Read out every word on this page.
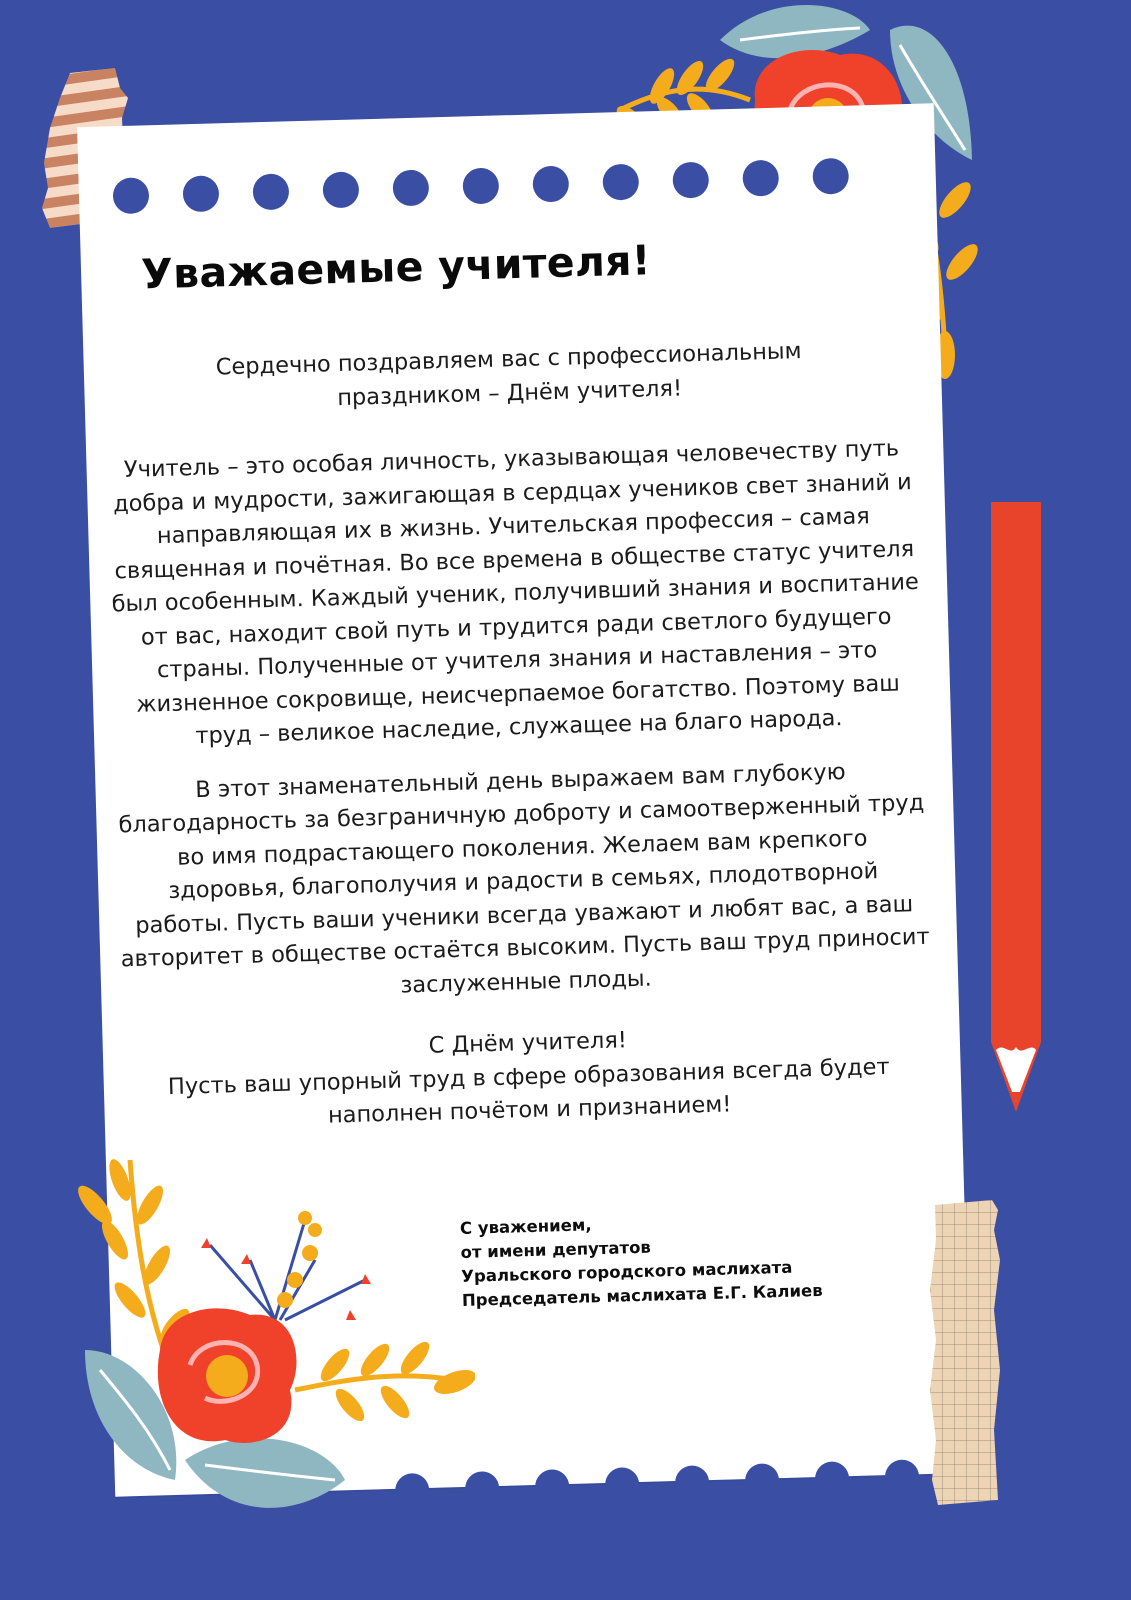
Уважаемые учителя!

Сердечно поздравляем вас с профессиональным праздником – Днём учителя!

Учитель – это особая личность, указывающая человечеству путь добра и мудрости, зажигающая в сердцах учеников свет знаний и направляющая их в жизнь. Учительская профессия – самая священная и почётная. Во все времена в обществе статус учителя был особенным. Каждый ученик, получивший знания и воспитание от вас, находит свой путь и трудится ради светлого будущего страны. Полученные от учителя знания и наставления – это жизненное сокровище, неисчерпаемое богатство. Поэтому ваш труд – великое наследие, служащее на благо народа.

В этот знаменательный день выражаем вам глубокую благодарность за безграничную доброту и самоотверженный труд во имя подрастающего поколения. Желаем вам крепкого здоровья, благополучия и радости в семьях, плодотворной работы. Пусть ваши ученики всегда уважают и любят вас, а ваш авторитет в обществе остаётся высоким. Пусть ваш труд приносит заслуженные плоды.

С Днём учителя!

Пусть ваш упорный труд в сфере образования всегда будет наполнен почётом и признанием!

С уважением,
от имени депутатов
Уральского городского маслихата
Председатель маслихата Е.Г. Калиев
